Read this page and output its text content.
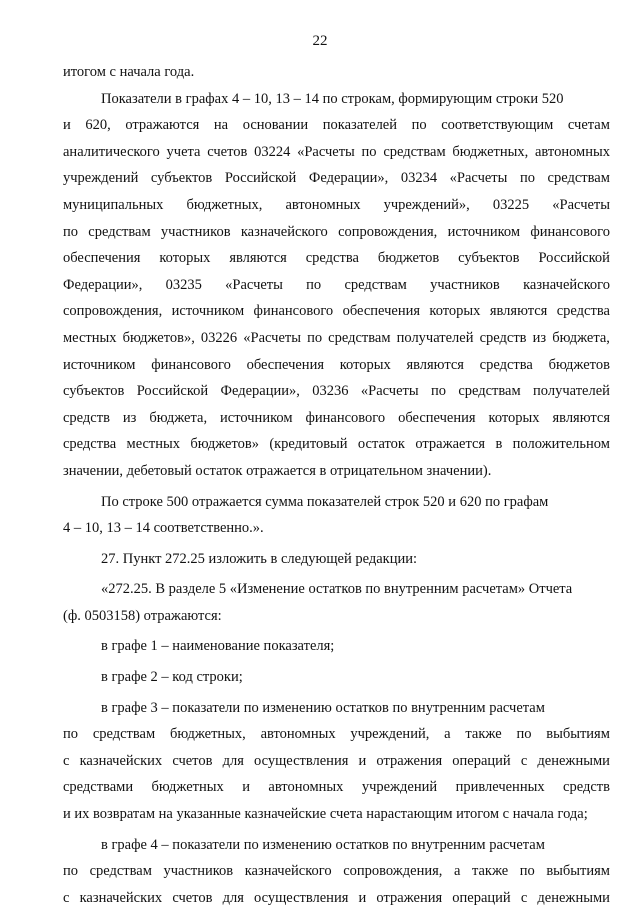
22
итогом с начала года.
Показатели в графах 4 – 10, 13 – 14 по строкам, формирующим строки 520
и 620, отражаются на основании показателей по соответствующим счетам
аналитического учета счетов 03224 «Расчеты по средствам бюджетных, автономных
учреждений субъектов Российской Федерации», 03234 «Расчеты по средствам
муниципальных бюджетных, автономных учреждений», 03225 «Расчеты
по средствам участников казначейского сопровождения, источником финансового
обеспечения которых являются средства бюджетов субъектов Российской
Федерации», 03235 «Расчеты по средствам участников казначейского
сопровождения, источником финансового обеспечения которых являются средства
местных бюджетов», 03226 «Расчеты по средствам получателей средств из бюджета,
источником финансового обеспечения которых являются средства бюджетов
субъектов Российской Федерации», 03236 «Расчеты по средствам получателей
средств из бюджета, источником финансового обеспечения которых являются
средства местных бюджетов» (кредитовый остаток отражается в положительном
значении, дебетовый остаток отражается в отрицательном значении).
По строке 500 отражается сумма показателей строк 520 и 620 по графам
4 – 10, 13 – 14 соответственно.».
27. Пункт 272.25 изложить в следующей редакции:
«272.25. В разделе 5 «Изменение остатков по внутренним расчетам» Отчета
(ф. 0503158) отражаются:
в графе 1 – наименование показателя;
в графе 2 – код строки;
в графе 3 – показатели по изменению остатков по внутренним расчетам
по средствам бюджетных, автономных учреждений, а также по выбытиям
с казначейских счетов для осуществления и отражения операций с денежными
средствами бюджетных и автономных учреждений привлеченных средств
и их возвратам на указанные казначейские счета нарастающим итогом с начала года;
в графе 4 – показатели по изменению остатков по внутренним расчетам
по средствам участников казначейского сопровождения, а также по выбытиям
с казначейских счетов для осуществления и отражения операций с денежными
